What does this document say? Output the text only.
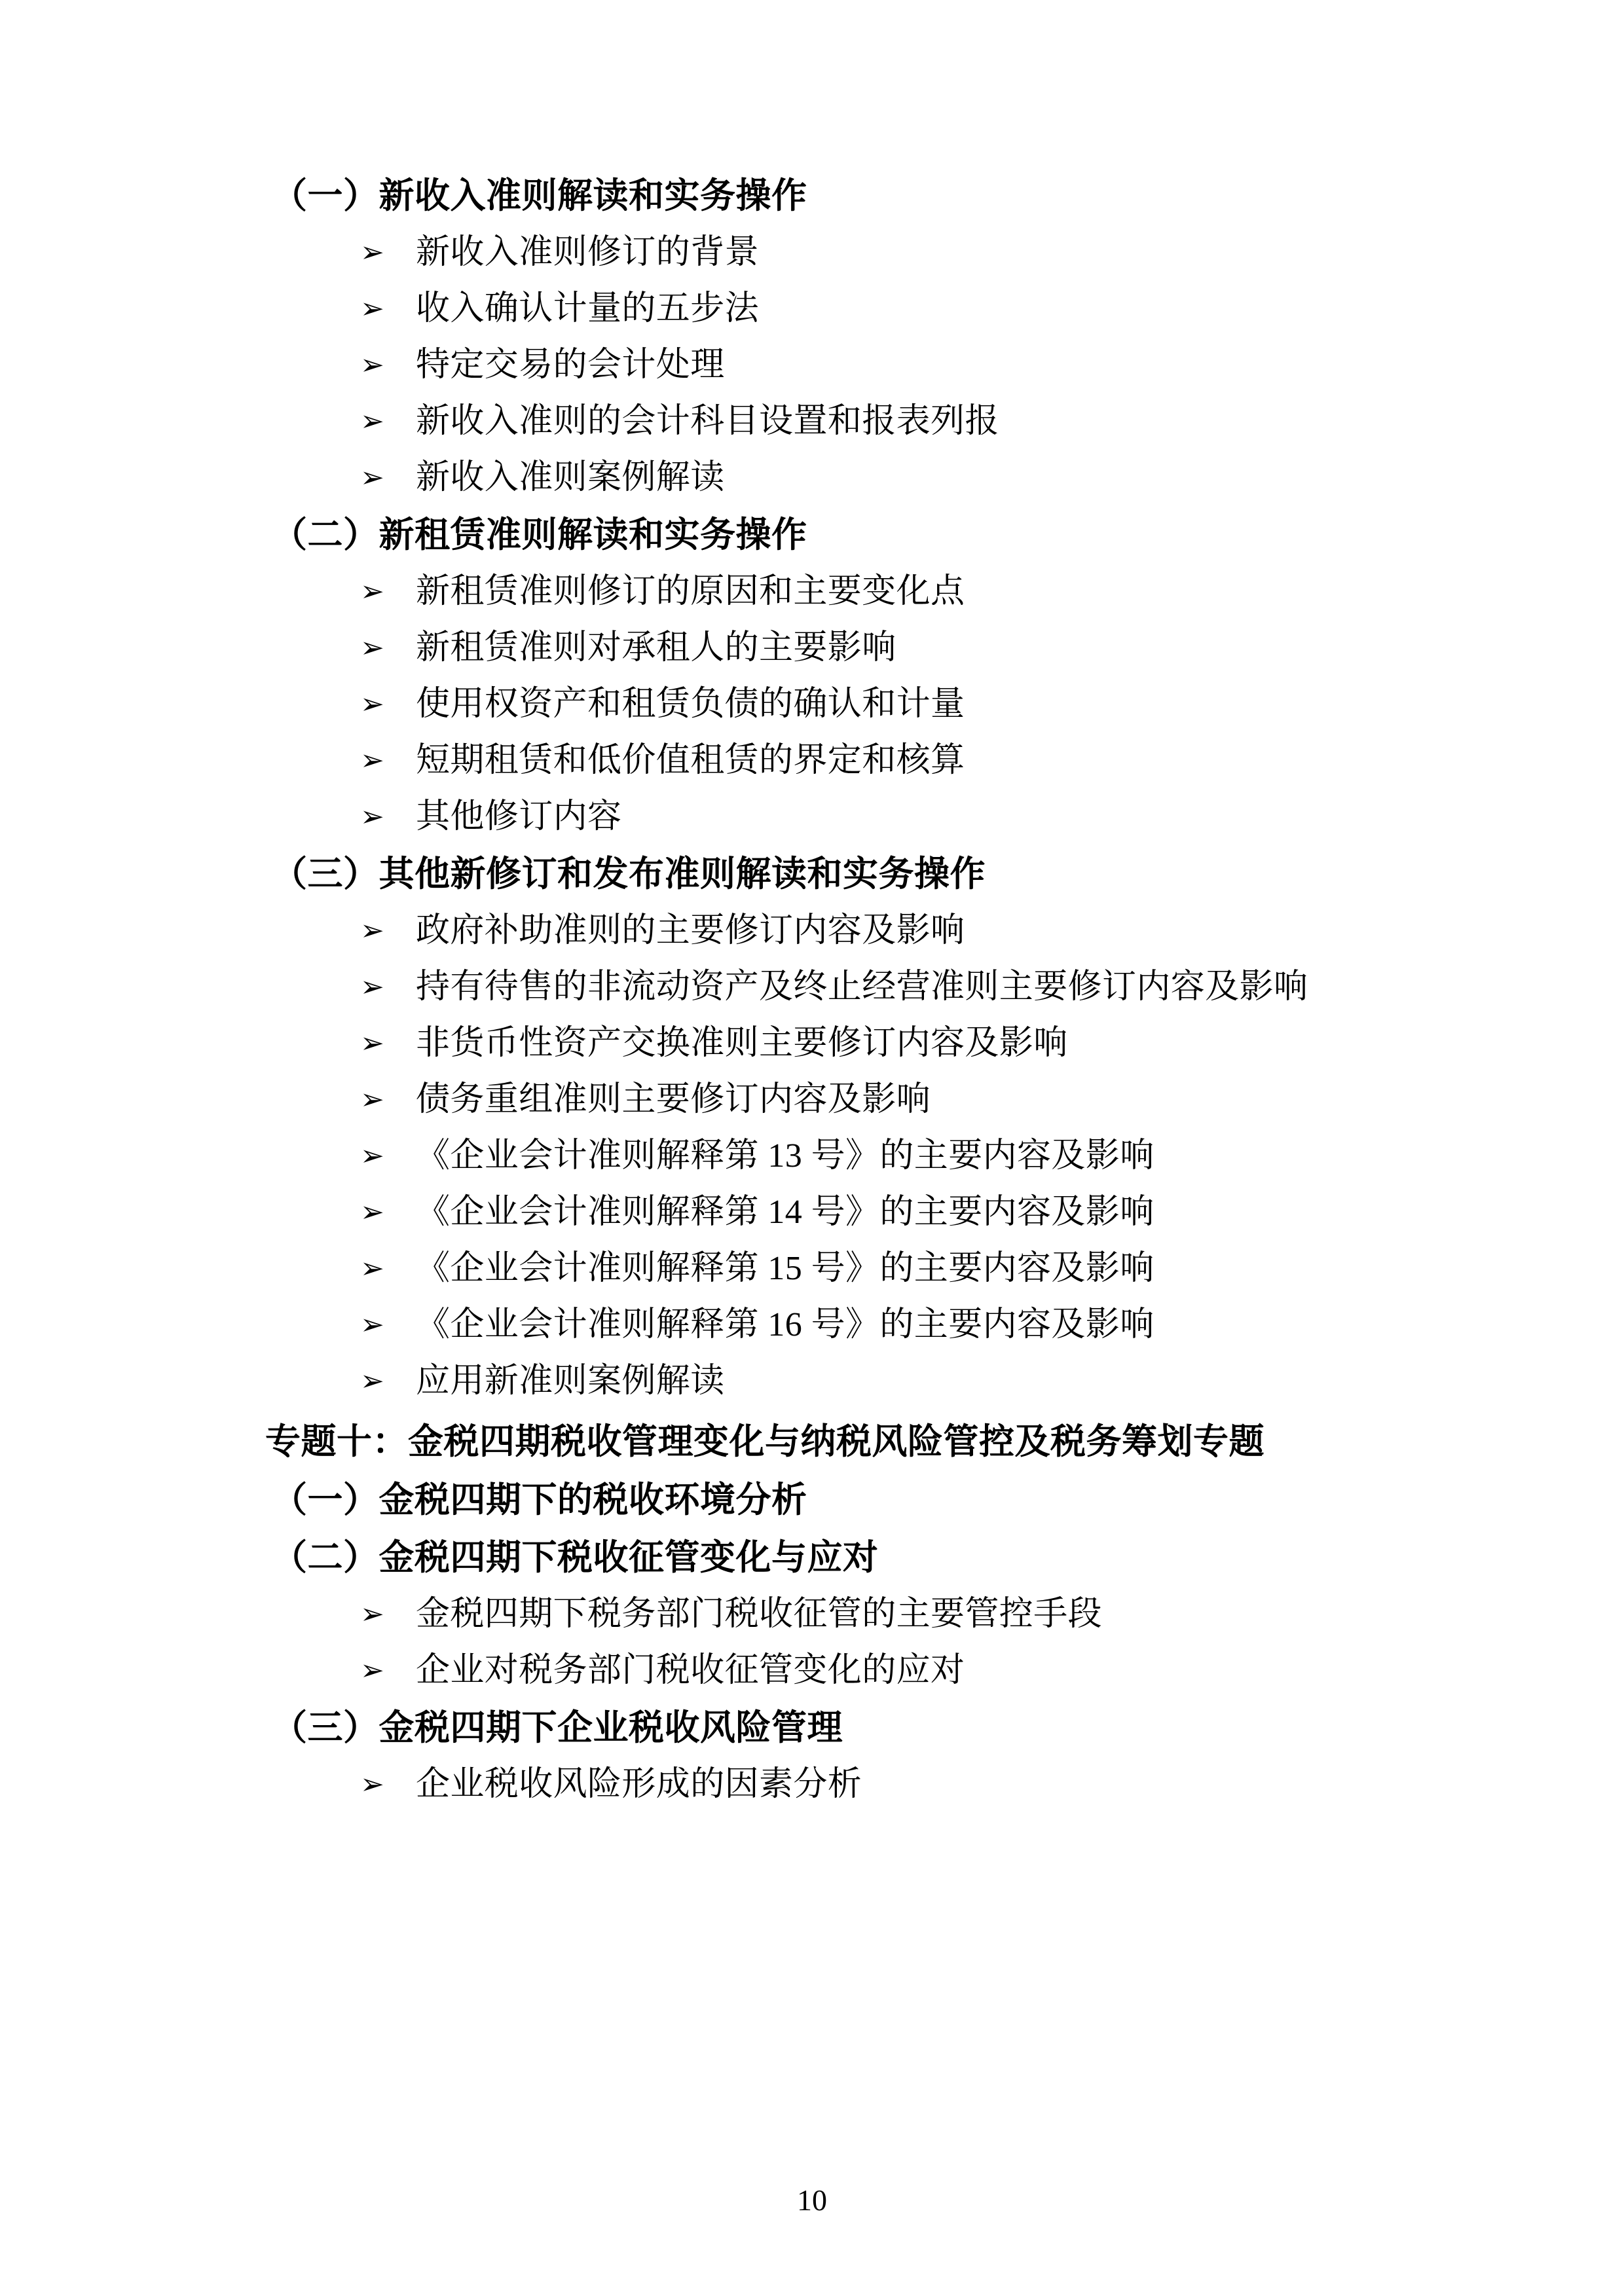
（一）新收入准则解读和实务操作
➢ 新收入准则修订的背景
➢ 收入确认计量的五步法
➢ 特定交易的会计处理
➢ 新收入准则的会计科目设置和报表列报
➢ 新收入准则案例解读
（二）新租赁准则解读和实务操作
➢ 新租赁准则修订的原因和主要变化点
➢ 新租赁准则对承租人的主要影响
➢ 使用权资产和租赁负债的确认和计量
➢ 短期租赁和低价值租赁的界定和核算
➢ 其他修订内容
（三）其他新修订和发布准则解读和实务操作
➢ 政府补助准则的主要修订内容及影响
➢ 持有待售的非流动资产及终止经营准则主要修订内容及影响
➢ 非货币性资产交换准则主要修订内容及影响
➢ 债务重组准则主要修订内容及影响
➢ 《企业会计准则解释第 13 号》的主要内容及影响
➢ 《企业会计准则解释第 14 号》的主要内容及影响
➢ 《企业会计准则解释第 15 号》的主要内容及影响
➢ 《企业会计准则解释第 16 号》的主要内容及影响
➢ 应用新准则案例解读
专题十：金税四期税收管理变化与纳税风险管控及税务筹划专题
（一）金税四期下的税收环境分析
（二）金税四期下税收征管变化与应对
➢ 金税四期下税务部门税收征管的主要管控手段
➢ 企业对税务部门税收征管变化的应对
（三）金税四期下企业税收风险管理
➢ 企业税收风险形成的因素分析
10
